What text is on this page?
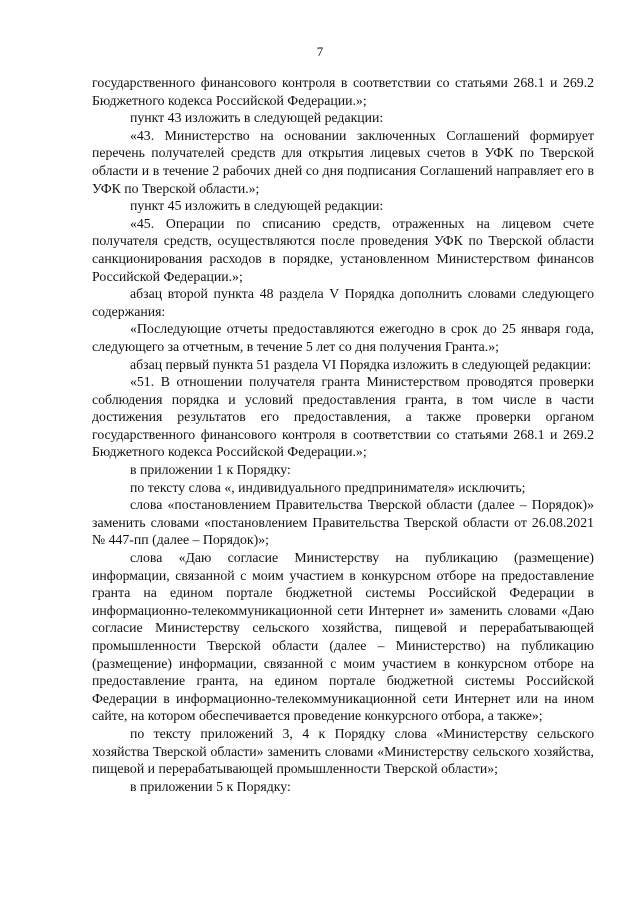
7

государственного финансового контроля в соответствии со статьями 268.1 и 269.2 Бюджетного кодекса Российской Федерации.»;

пункт 43 изложить в следующей редакции:

«43. Министерство на основании заключенных Соглашений формирует перечень получателей средств для открытия лицевых счетов в УФК по Тверской области и в течение 2 рабочих дней со дня подписания Соглашений направляет его в УФК по Тверской области.»;

пункт 45 изложить в следующей редакции:

«45. Операции по списанию средств, отраженных на лицевом счете получателя средств, осуществляются после проведения УФК по Тверской области санкционирования расходов в порядке, установленном Министерством финансов Российской Федерации.»;

абзац второй пункта 48 раздела V Порядка дополнить словами следующего содержания:

«Последующие отчеты предоставляются ежегодно в срок до 25 января года, следующего за отчетным, в течение 5 лет со дня получения Гранта.»;

абзац первый пункта 51 раздела VI Порядка изложить в следующей редакции:

«51. В отношении получателя гранта Министерством проводятся проверки соблюдения порядка и условий предоставления гранта, в том числе в части достижения результатов его предоставления, а также проверки органом государственного финансового контроля в соответствии со статьями 268.1 и 269.2 Бюджетного кодекса Российской Федерации.»;

в приложении 1 к Порядку:

по тексту слова «, индивидуального предпринимателя» исключить;

слова «постановлением Правительства Тверской области (далее – Порядок)» заменить словами «постановлением Правительства Тверской области от 26.08.2021 № 447-пп (далее – Порядок)»;

слова «Даю согласие Министерству на публикацию (размещение) информации, связанной с моим участием в конкурсном отборе на предоставление гранта на едином портале бюджетной системы Российской Федерации в информационно-телекоммуникационной сети Интернет и» заменить словами «Даю согласие Министерству сельского хозяйства, пищевой и перерабатывающей промышленности Тверской области (далее – Министерство) на публикацию (размещение) информации, связанной с моим участием в конкурсном отборе на предоставление гранта, на едином портале бюджетной системы Российской Федерации в информационно-телекоммуникационной сети Интернет или на ином сайте, на котором обеспечивается проведение конкурсного отбора, а также»;

по тексту приложений 3, 4 к Порядку слова «Министерству сельского хозяйства Тверской области» заменить словами «Министерству сельского хозяйства, пищевой и перерабатывающей промышленности Тверской области»;

в приложении 5 к Порядку:
